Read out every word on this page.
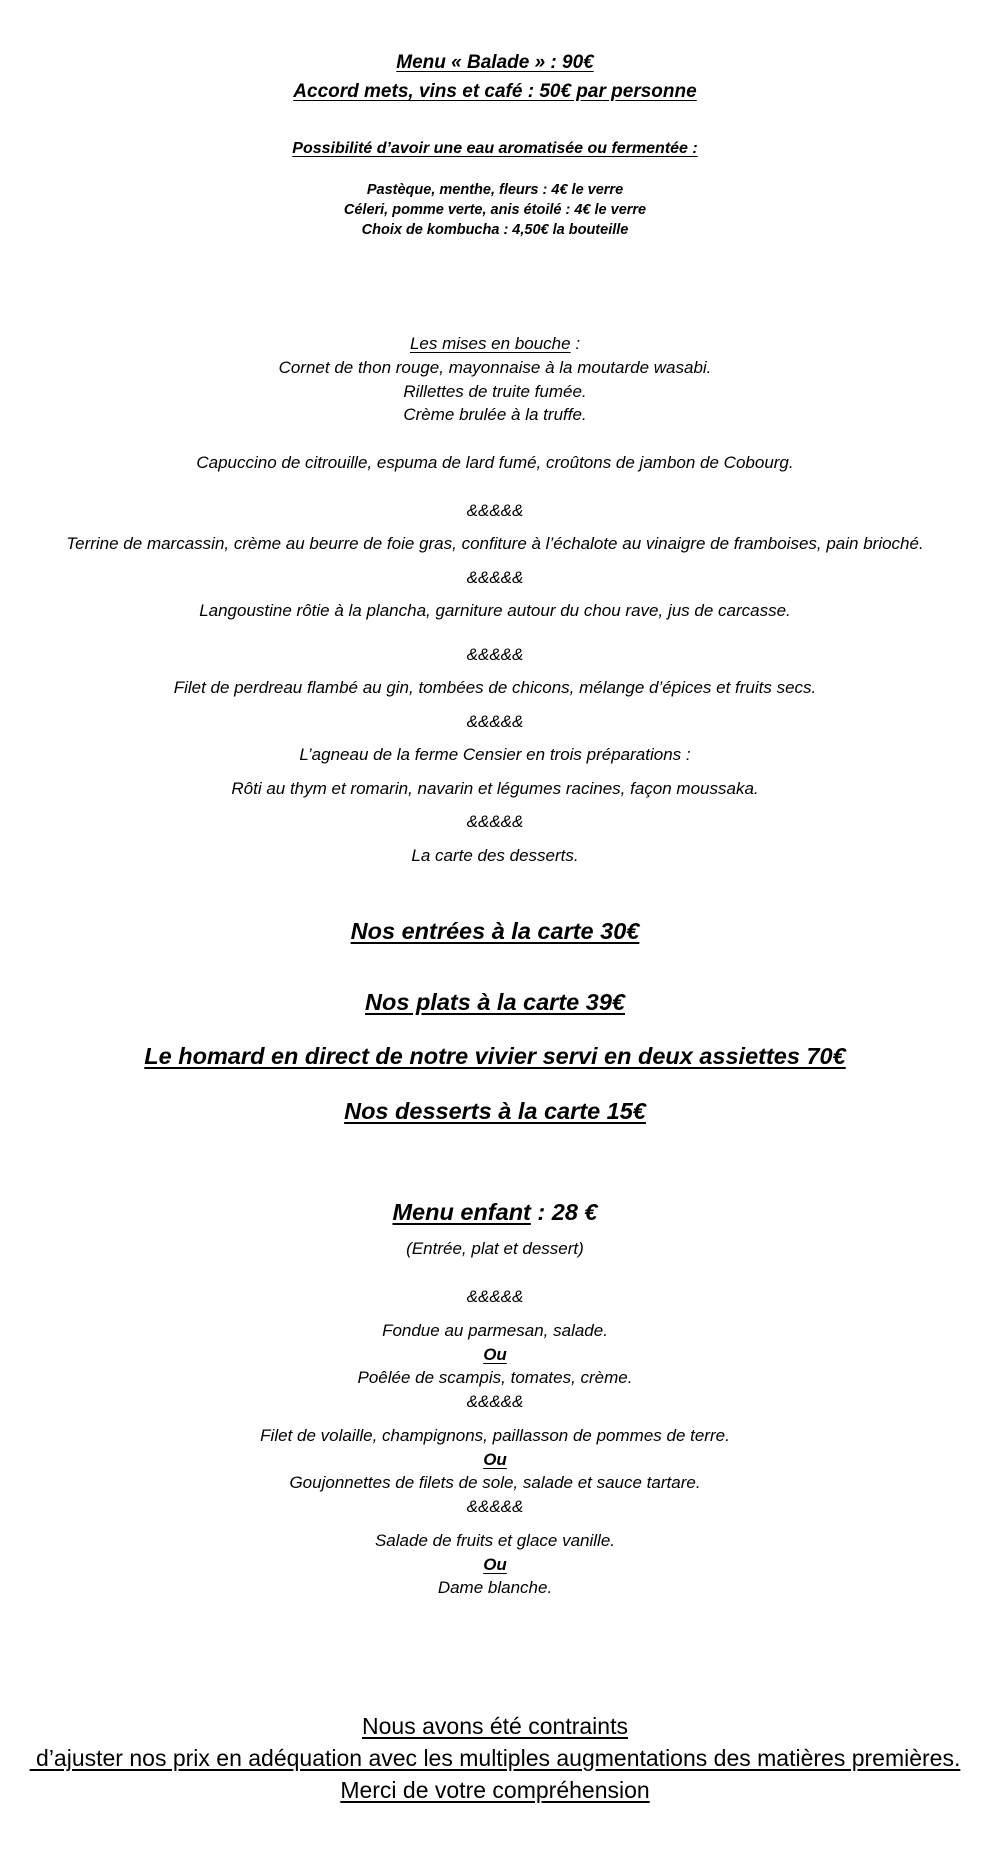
Menu « Balade » : 90€
Accord mets, vins et café : 50€ par personne
Possibilité d’avoir une eau aromatisée ou fermentée :
Pastèque, menthe, fleurs : 4€ le verre
Céleri, pomme verte, anis étoilé : 4€ le verre
Choix de kombucha : 4,50€ la bouteille
Les mises en bouche :
Cornet de thon rouge, mayonnaise à la moutarde wasabi.
Rillettes de truite fumée.
Crème brulée à la truffe.
Capuccino de citrouille, espuma de lard fumé, croûtons de jambon de Cobourg.
&&&&&
Terrine de marcassin, crème au beurre de foie gras, confiture à l’échalote au vinaigre de framboises, pain brioché.
&&&&&
Langoustine rôtie à la plancha, garniture autour du chou rave, jus de carcasse.
&&&&&
Filet de perdreau flambé au gin, tombées de chicons, mélange d’épices et fruits secs.
&&&&&
L’agneau de la ferme Censier en trois préparations :
Rôti au thym et romarin, navarin et légumes racines, façon moussaka.
&&&&&
La carte des desserts.
Nos entrées à la carte 30€
Nos plats à la carte 39€
Le homard en direct de notre vivier servi en deux assiettes 70€
Nos desserts à la carte 15€
Menu enfant : 28 €
(Entrée, plat et dessert)
&&&&&
Fondue au parmesan, salade.
Ou
Poêlée de scampis, tomates, crème.
&&&&&
Filet de volaille, champignons, paillasson de pommes de terre.
Ou
Goujonnettes de filets de sole, salade et sauce tartare.
&&&&&
Salade de fruits et glace vanille.
Ou
Dame blanche.
Nous avons été contraints
d’ajuster nos prix en adéquation avec les multiples augmentations des matières premières.
Merci de votre compréhension
